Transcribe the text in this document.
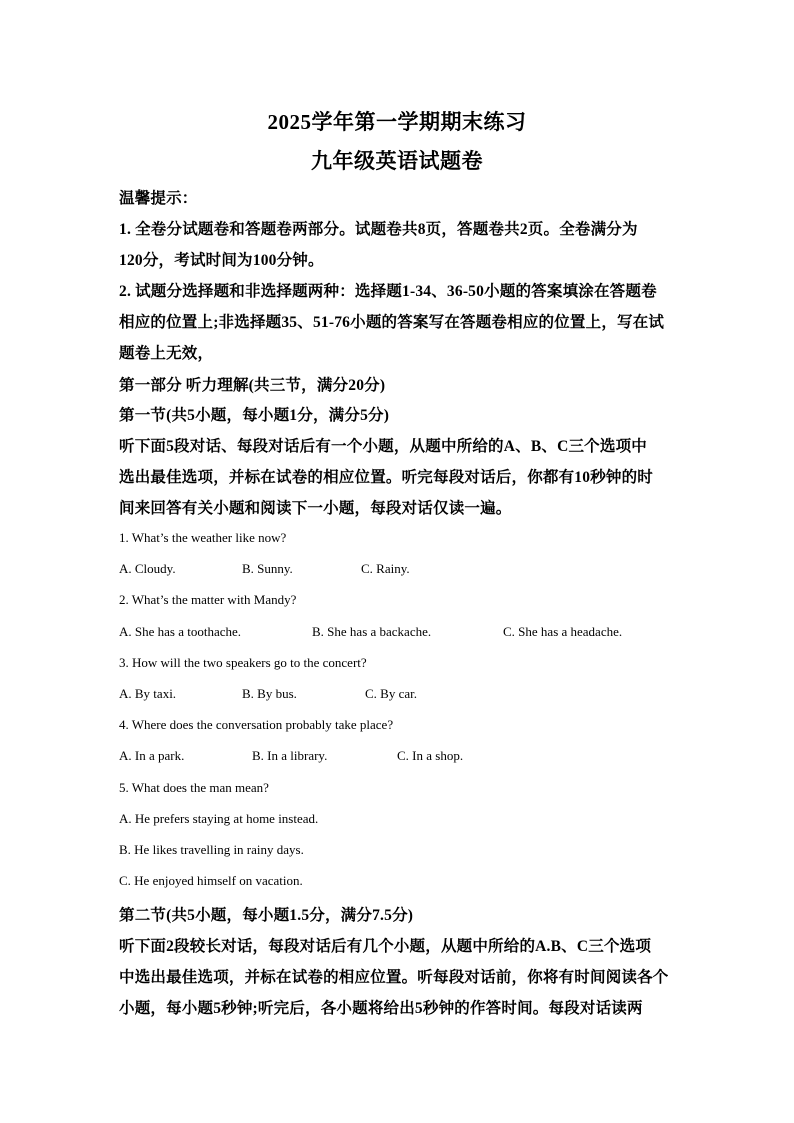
2025学年第一学期期末练习
九年级英语试题卷
温馨提示：
1. 全卷分试题卷和答题卷两部分。试题卷共8页，答题卷共2页。全卷满分为
120分，考试时间为100分钟。
2. 试题分选择题和非选择题两种：选择题1-34、36-50小题的答案填涂在答题卷
相应的位置上;非选择题35、51-76小题的答案写在答题卷相应的位置上，写在试
题卷上无效，
第一部分 听力理解(共三节，满分20分)
第一节(共5小题，每小题1分，满分5分)
听下面5段对话、每段对话后有一个小题，从题中所给的A、B、C三个选项中
选出最佳选项，并标在试卷的相应位置。听完每段对话后，你都有10秒钟的时
间来回答有关小题和阅读下一小题，每段对话仅读一遍。
1. What’s the weather like now?
A. Cloudy.	B. Sunny.	C. Rainy.
2. What’s the matter with Mandy?
A. She has a toothache.	B. She has a backache.	C. She has a headache.
3. How will the two speakers go to the concert?
A. By taxi.	B. By bus.	C. By car.
4. Where does the conversation probably take place?
A. In a park.	B. In a library.	C. In a shop.
5. What does the man mean?
A. He prefers staying at home instead.
B. He likes travelling in rainy days.
C. He enjoyed himself on vacation.
第二节(共5小题，每小题1.5分，满分7.5分)
听下面2段较长对话，每段对话后有几个小题，从题中所给的A.B、C三个选项
中选出最佳选项，并标在试卷的相应位置。听每段对话前，你将有时间阅读各个
小题，每小题5秒钟;听完后，各小题将给出5秒钟的作答时间。每段对话读两
